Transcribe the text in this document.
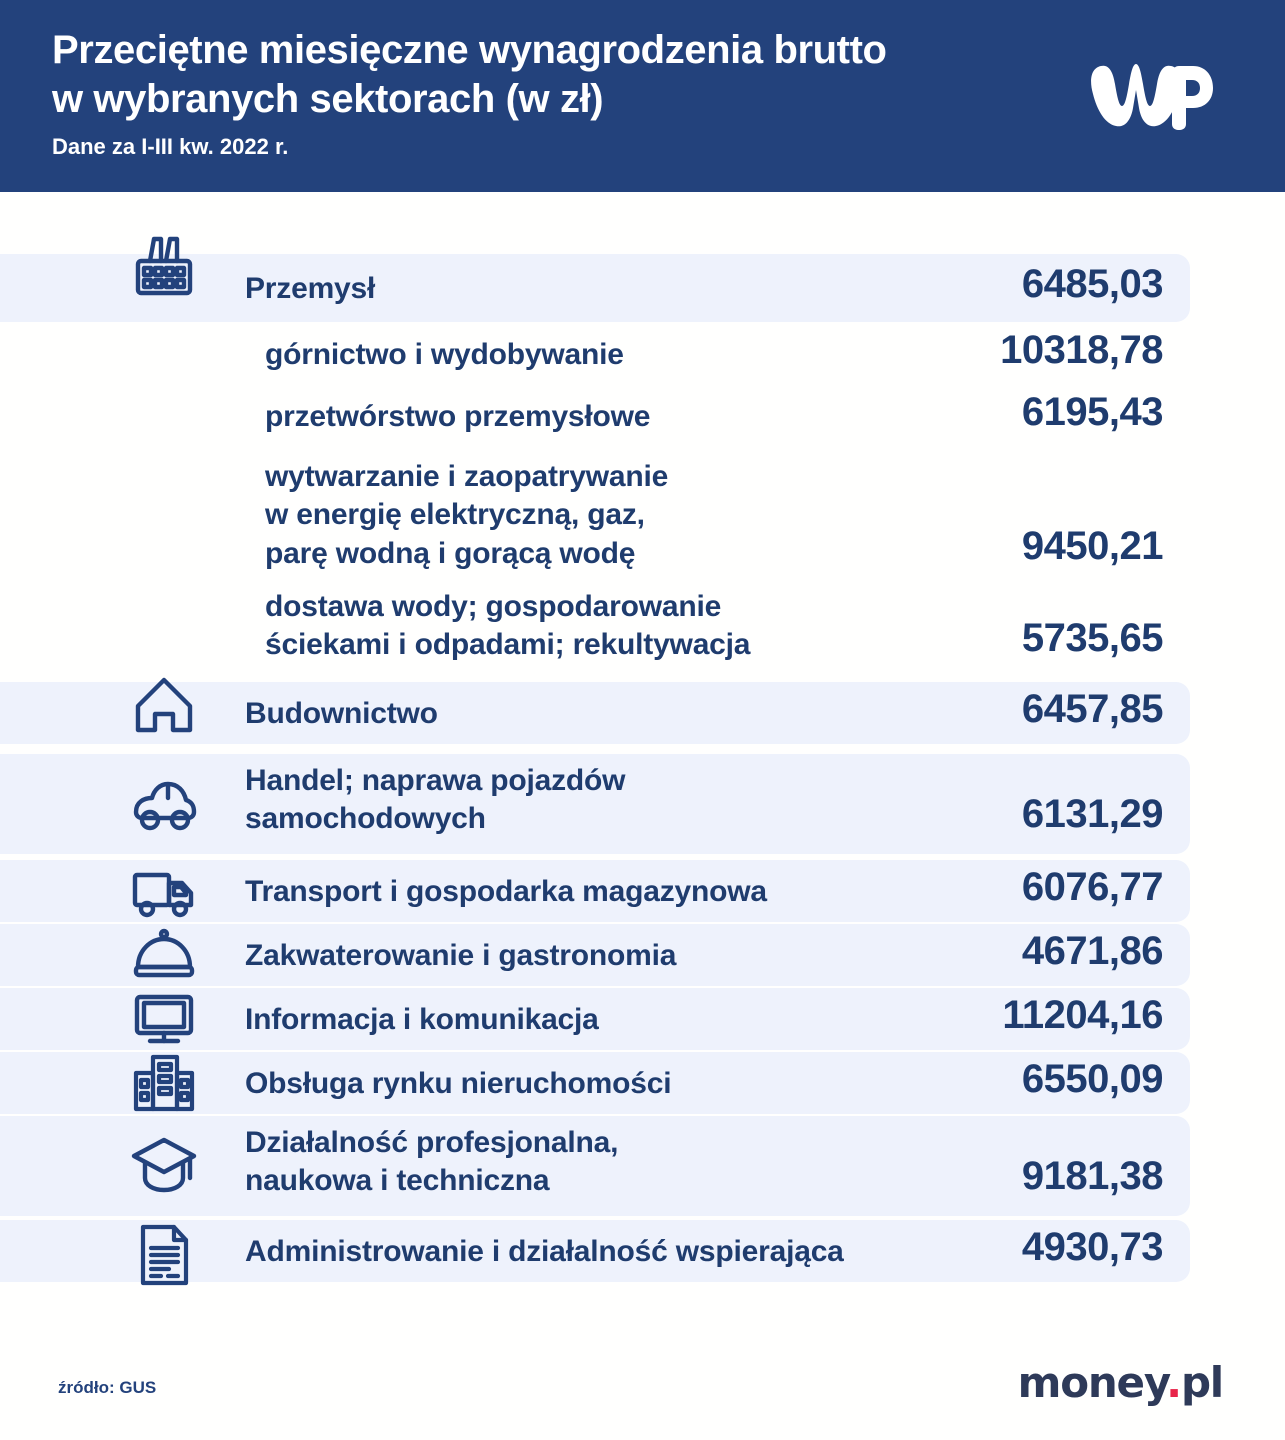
Przeciętne miesięczne wynagrodzenia brutto
w wybranych sektorach (w zł)
Dane za I-III kw. 2022 r.
Przemysł	6485,03
górnictwo i wydobywanie	10318,78
przetwórstwo przemysłowe	6195,43
wytwarzanie i zaopatrywanie
w energię elektryczną, gaz,
parę wodną i gorącą wodę	9450,21
dostawa wody; gospodarowanie
ściekami i odpadami; rekultywacja	5735,65
Budownictwo	6457,85
Handel; naprawa pojazdów
samochodowych	6131,29
Transport i gospodarka magazynowa	6076,77
Zakwaterowanie i gastronomia	4671,86
Informacja i komunikacja	11204,16
Obsługa rynku nieruchomości	6550,09
Działalność profesjonalna,
naukowa i techniczna	9181,38
Administrowanie i działalność wspierająca	4930,73
źródło: GUS	money.pl
